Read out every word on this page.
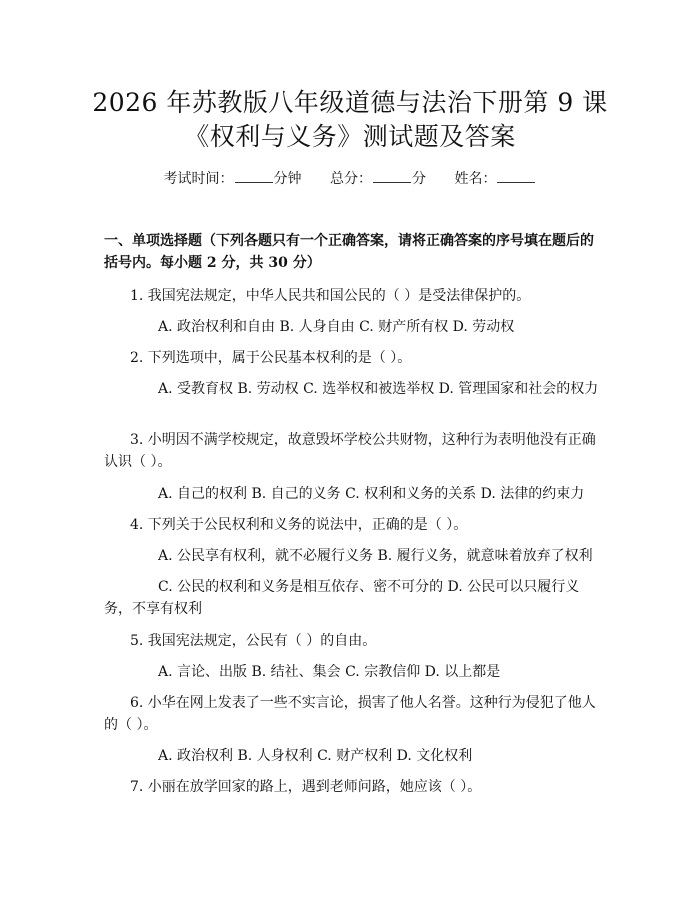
2026 年苏教版八年级道德与法治下册第 9 课
《权利与义务》测试题及答案
考试时间：	分钟 总分：	分 姓名：
一、单项选择题（下列各题只有一个正确答案，请将正确答案的序号填在题后的括号内。每小题 2 分，共 30 分）
1. 我国宪法规定，中华人民共和国公民的（ ）是受法律保护的。
A. 政治权利和自由 B. 人身自由 C. 财产所有权 D. 劳动权
2. 下列选项中，属于公民基本权利的是（ ）。
A. 受教育权 B. 劳动权 C. 选举权和被选举权 D. 管理国家和社会的权力
3. 小明因不满学校规定，故意毁坏学校公共财物，这种行为表明他没有正确认识（ ）。
A. 自己的权利 B. 自己的义务 C. 权利和义务的关系 D. 法律的约束力
4. 下列关于公民权利和义务的说法中，正确的是（ ）。
A. 公民享有权利，就不必履行义务 B. 履行义务，就意味着放弃了权利
C. 公民的权利和义务是相互依存、密不可分的 D. 公民可以只履行义务，不享有权利
5. 我国宪法规定，公民有（ ）的自由。
A. 言论、出版 B. 结社、集会 C. 宗教信仰 D. 以上都是
6. 小华在网上发表了一些不实言论，损害了他人名誉。这种行为侵犯了他人的（ ）。
A. 政治权利 B. 人身权利 C. 财产权利 D. 文化权利
7. 小丽在放学回家的路上，遇到老师问路，她应该（ ）。
